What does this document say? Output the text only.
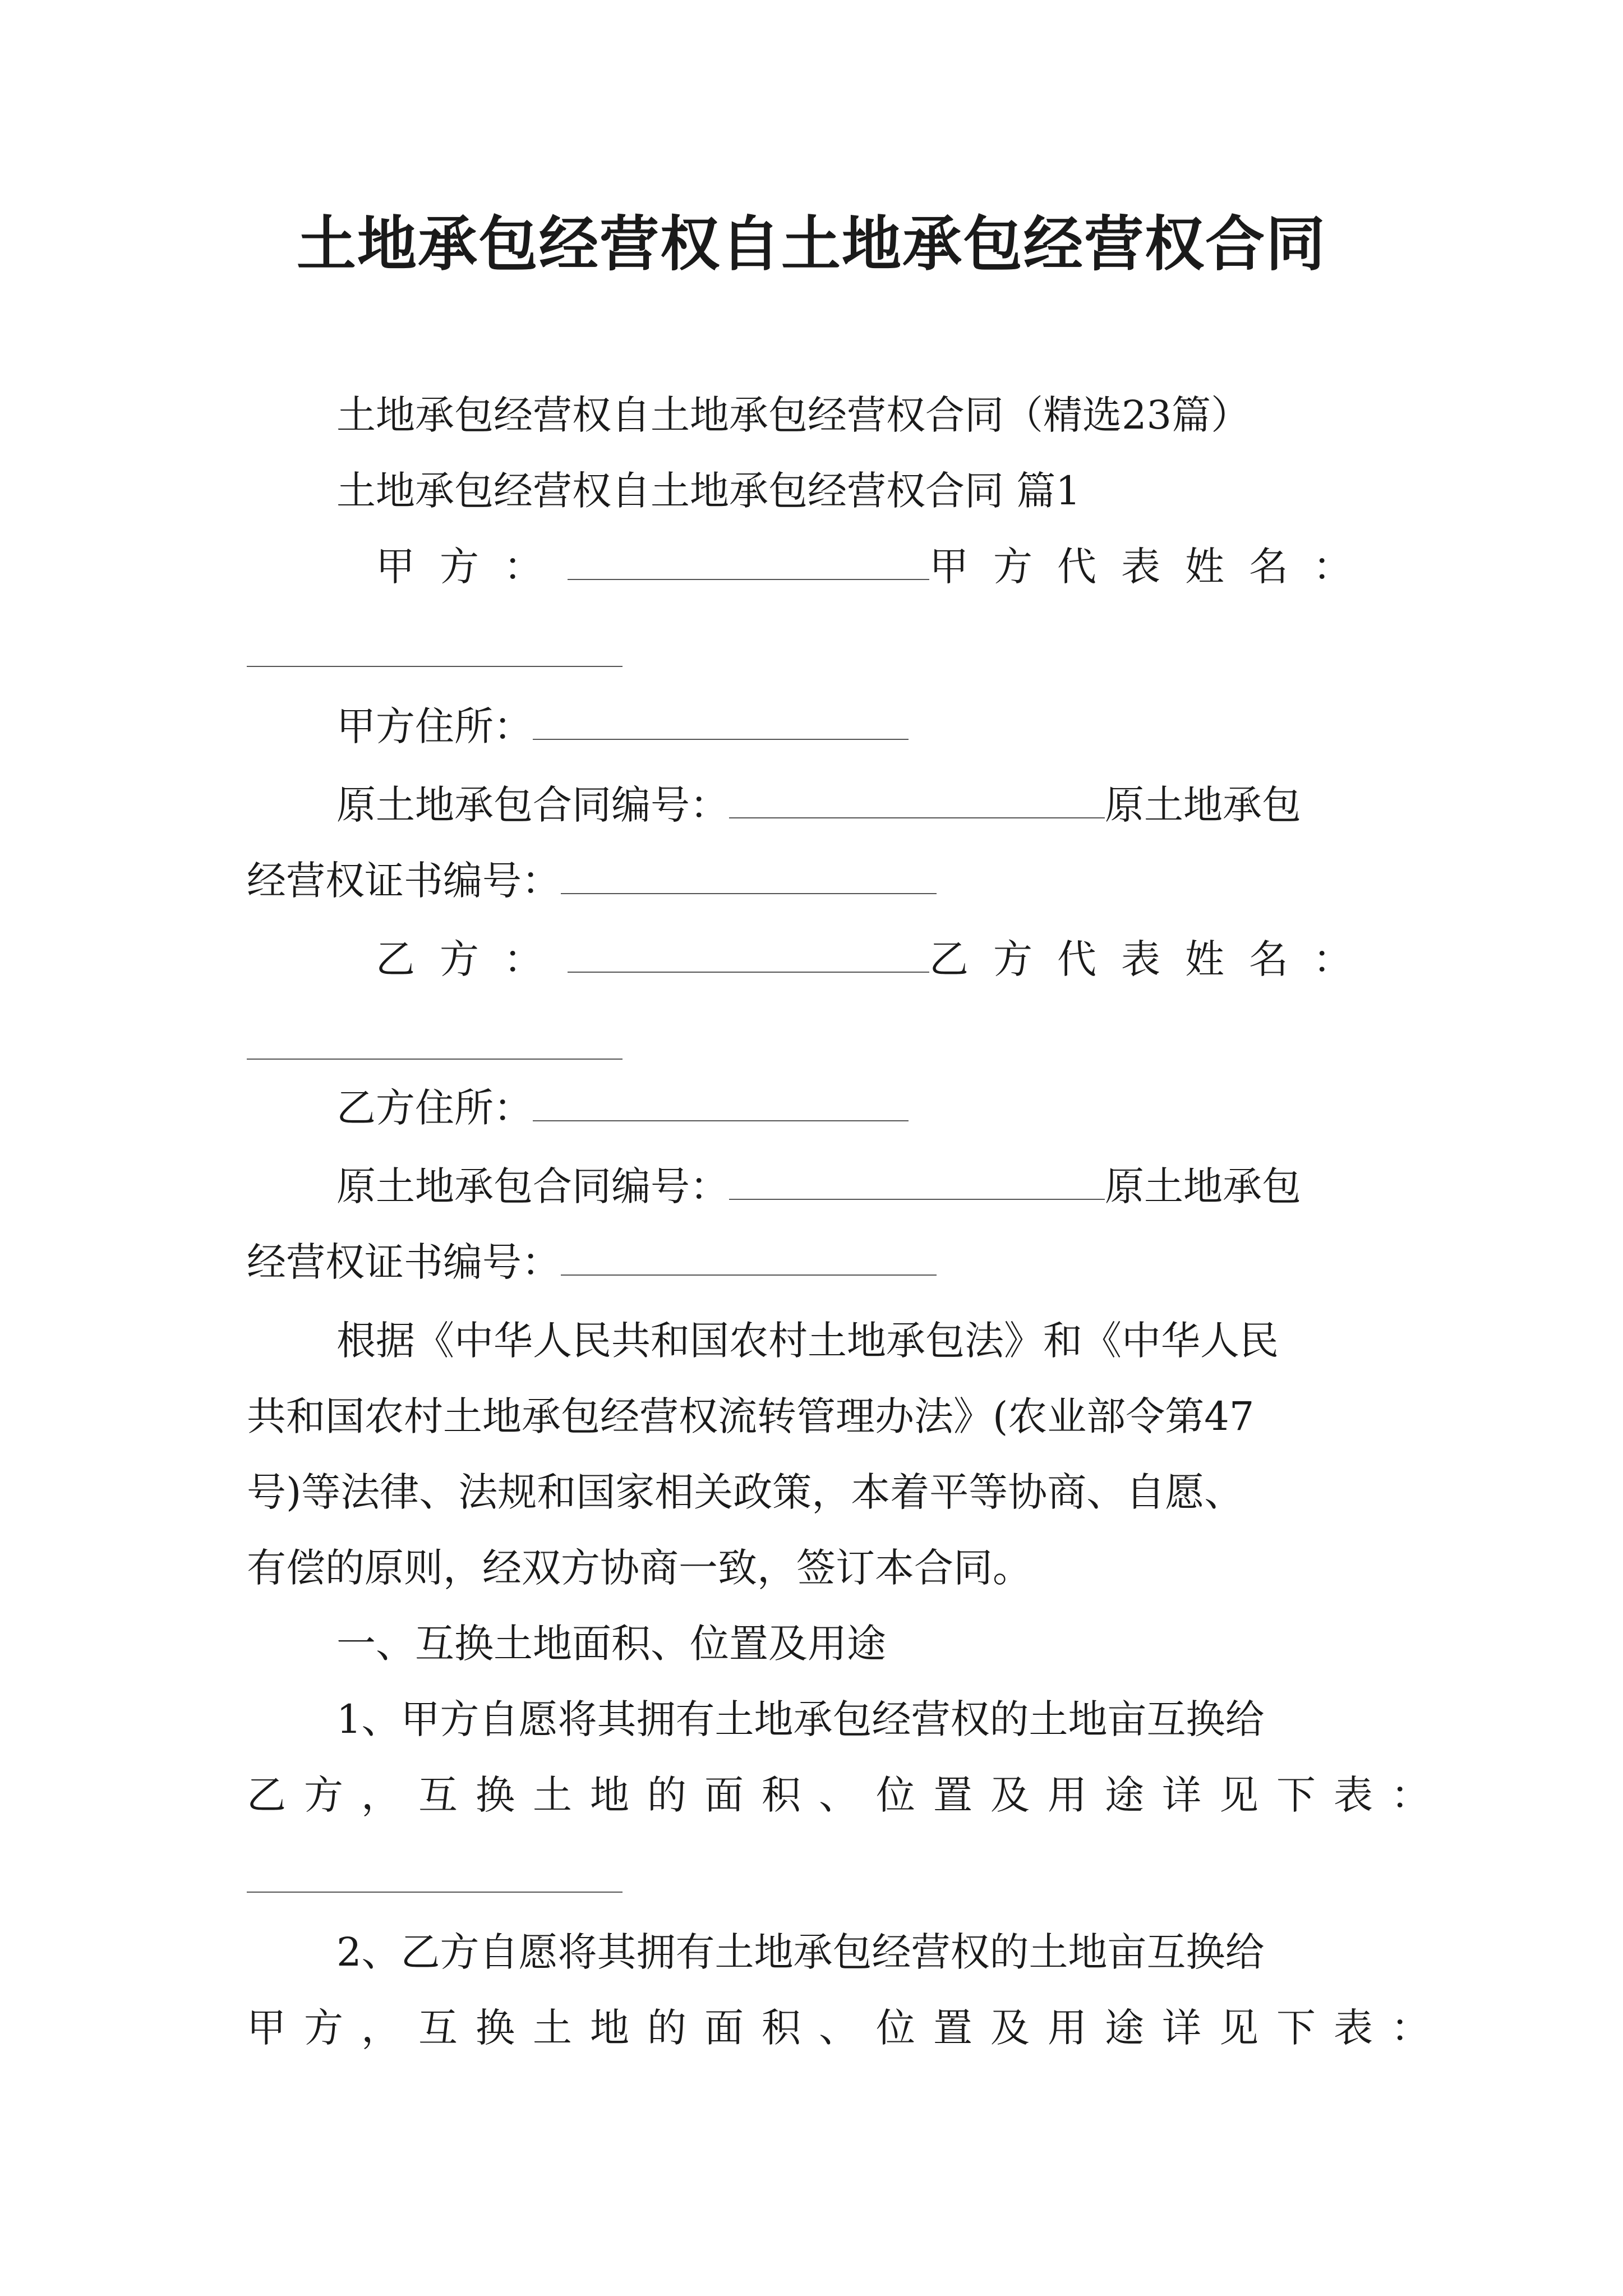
土地承包经营权自土地承包经营权合同
土地承包经营权自土地承包经营权合同（精选23篇）
土地承包经营权自土地承包经营权合同 篇1
甲方：	甲方代表姓名：
甲方住所：
原土地承包合同编号：	原土地承包
经营权证书编号：
乙方：	乙方代表姓名：
乙方住所：
原土地承包合同编号：	原土地承包
经营权证书编号：
根据《中华人民共和国农村土地承包法》和《中华人民
共和国农村土地承包经营权流转管理办法》(农业部令第47
号)等法律、法规和国家相关政策，本着平等协商、自愿、
有偿的原则，经双方协商一致，签订本合同。
一、互换土地面积、位置及用途
1、甲方自愿将其拥有土地承包经营权的土地亩互换给
乙方，互换土地的面积、位置及用途详见下表：
2、乙方自愿将其拥有土地承包经营权的土地亩互换给
甲方，互换土地的面积、位置及用途详见下表：
